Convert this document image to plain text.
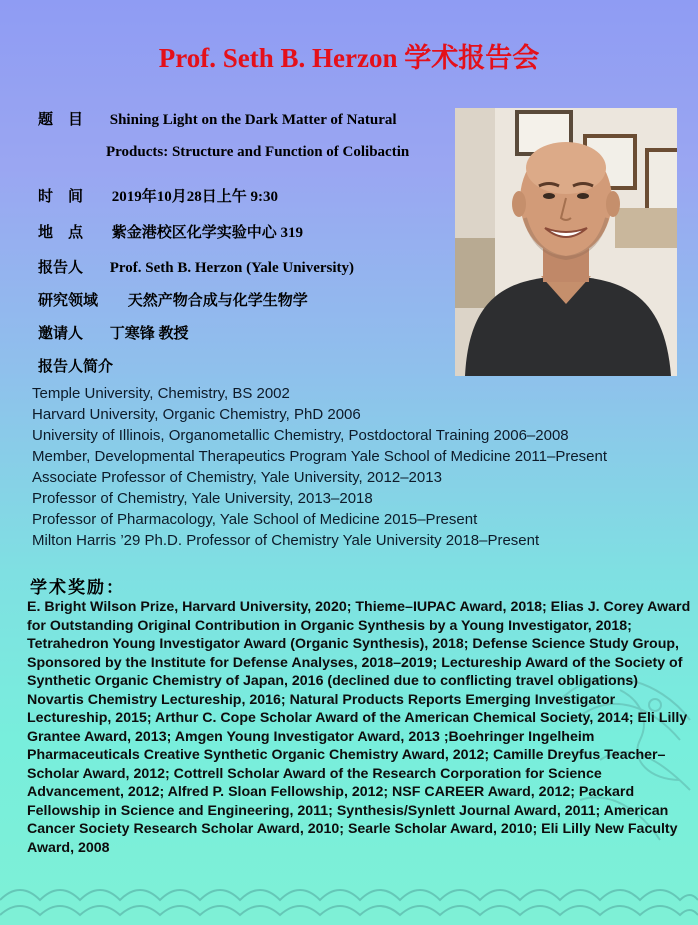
Prof. Seth B. Herzon 学术报告会
题　目 Shining Light on the Dark Matter of Natural
Products: Structure and Function of Colibactin
时　间 2019年10月28日上午 9:30
地　点 紫金港校区化学实验中心 319
报告人 Prof. Seth B. Herzon (Yale University)
研究领域 天然产物合成与化学生物学
邀请人 丁寒锋 教授
报告人简介
Temple University, Chemistry, BS 2002
Harvard University, Organic Chemistry, PhD 2006
University of Illinois, Organometallic Chemistry, Postdoctoral Training 2006–2008
Member, Developmental Therapeutics Program Yale School of Medicine 2011–Present
Associate Professor of Chemistry, Yale University, 2012–2013
Professor of Chemistry, Yale University, 2013–2018
Professor of Pharmacology, Yale School of Medicine 2015–Present
Milton Harris ’29 Ph.D. Professor of Chemistry Yale University 2018–Present
学术奖励：

E. Bright Wilson Prize, Harvard University, 2020; Thieme–IUPAC Award, 2018; Elias J. Corey Award for Outstanding Original Contribution in Organic Synthesis by a Young Investigator, 2018; Tetrahedron Young Investigator Award (Organic Synthesis), 2018; Defense Science Study Group, Sponsored by the Institute for Defense Analyses, 2018–2019; Lectureship Award of the Society of Synthetic Organic Chemistry of Japan, 2016 (declined due to conflicting travel obligations)

Novartis Chemistry Lectureship, 2016; Natural Products Reports Emerging Investigator Lectureship, 2015; Arthur C. Cope Scholar Award of the American Chemical Society, 2014; Eli Lilly Grantee Award, 2013; Amgen Young Investigator Award, 2013 ;Boehringer Ingelheim Pharmaceuticals Creative Synthetic Organic Chemistry Award, 2012; Camille Dreyfus Teacher–Scholar Award, 2012; Cottrell Scholar Award of the Research Corporation for Science Advancement, 2012; Alfred P. Sloan Fellowship, 2012; NSF CAREER Award, 2012; Packard Fellowship in Science and Engineering, 2011; Synthesis/Synlett Journal Award, 2011; American Cancer Society Research Scholar Award, 2010; Searle Scholar Award, 2010; Eli Lilly New Faculty Award, 2008
